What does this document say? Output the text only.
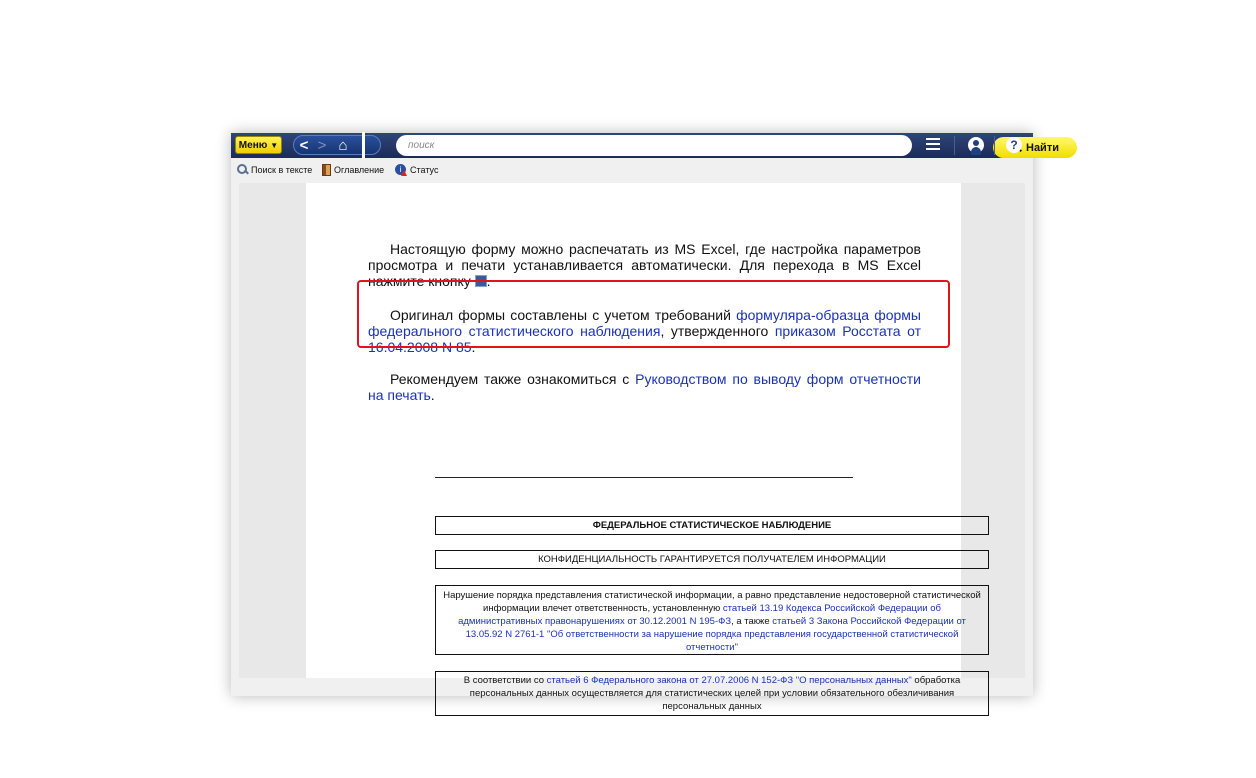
Меню ▼	< > ⌂
поиск	Найти
?
Поиск в тексте Оглавление	i Статус
Настоящую форму можно распечатать из MS Excel, где настройка параметров просмотра и печати устанавливается автоматически. Для перехода в MS Excel нажмите кнопку X
Оригинал формы составлены с учетом требований формуляра-образца формы федерального статистического наблюдения, утвержденного приказом Росстата от 16.04.2008 N 85.
Рекомендуем также ознакомиться с Руководством по выводу форм отчетности на печать.
ФЕДЕРАЛЬНОЕ СТАТИСТИЧЕСКОЕ НАБЛЮДЕНИЕ
КОНФИДЕНЦИАЛЬНОСТЬ ГАРАНТИРУЕТСЯ ПОЛУЧАТЕЛЕМ ИНФОРМАЦИИ
Нарушение порядка представления статистической информации, а равно представление недостоверной статистической информации влечет ответственность, установленную статьей 13.19 Кодекса Российской Федерации об административных правонарушениях от 30.12.2001 N 195-ФЗ, а также статьей 3 Закона Российской Федерации от 13.05.92 N 2761-1 "Об ответственности за нарушение порядка представления государственной статистической отчетности"
В соответствии со статьей 6 Федерального закона от 27.07.2006 N 152-ФЗ "О персональных данных" обработка персональных данных осуществляется для статистических целей при условии обязательного обезличивания персональных данных
